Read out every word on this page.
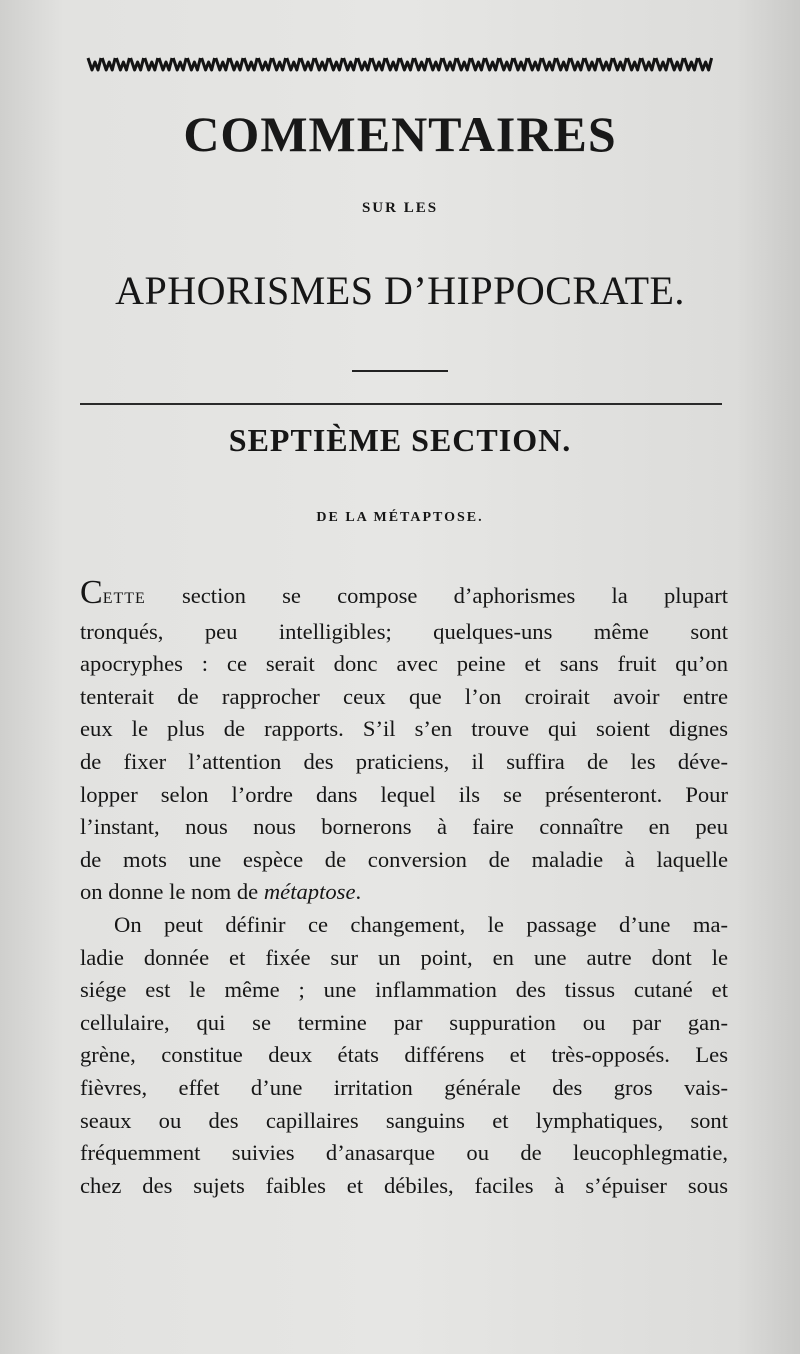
COMMENTAIRES
SUR LES
APHORISMES D’HIPPOCRATE.
SEPTIÈME SECTION.
DE LA MÉTAPTOSE.
CETTE section se compose d’aphorismes la plupart
tronqués, peu intelligibles; quelques-uns même sont
apocryphes : ce serait donc avec peine et sans fruit qu’on
tenterait de rapprocher ceux que l’on croirait avoir entre
eux le plus de rapports. S’il s’en trouve qui soient dignes
de fixer l’attention des praticiens, il suffira de les déve-
lopper selon l’ordre dans lequel ils se présenteront. Pour
l’instant, nous nous bornerons à faire connaître en peu
de mots une espèce de conversion de maladie à laquelle
on donne le nom de métaptose.
On peut définir ce changement, le passage d’une ma-
ladie donnée et fixée sur un point, en une autre dont le
siége est le même ; une inflammation des tissus cutané et
cellulaire, qui se termine par suppuration ou par gan-
grène, constitue deux états différens et très-opposés. Les
fièvres, effet d’une irritation générale des gros vais-
seaux ou des capillaires sanguins et lymphatiques, sont
fréquemment suivies d’anasarque ou de leucophlegmatie,
chez des sujets faibles et débiles, faciles à s’épuiser sous
